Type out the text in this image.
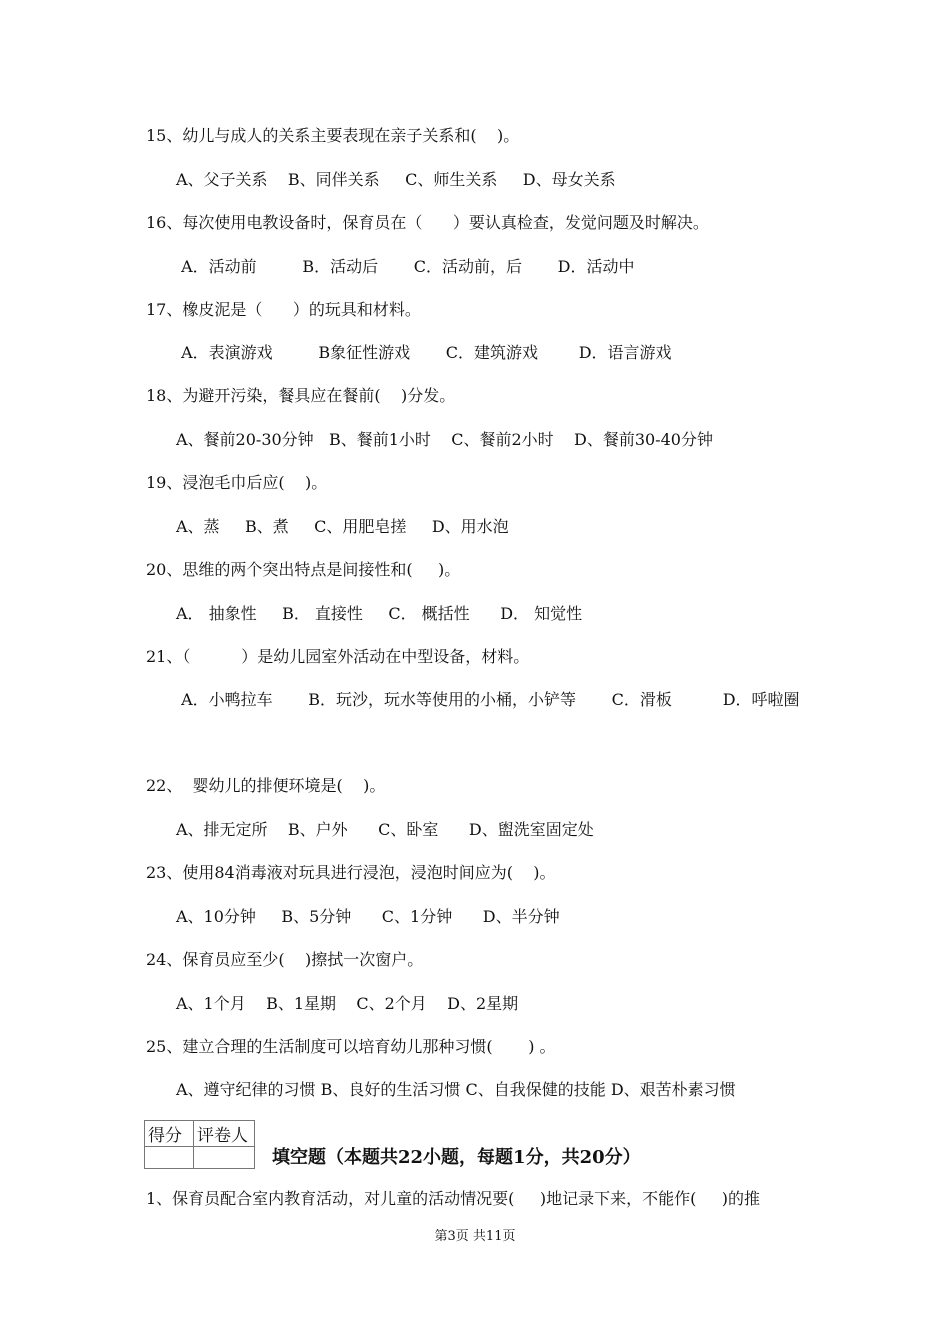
15、幼儿与成人的关系主要表现在亲子关系和(    )。
A、父子关系    B、同伴关系     C、师生关系     D、母女关系
16、每次使用电教设备时，保育员在（      ）要认真检查，发觉问题及时解决。
A．活动前         B．活动后       C．活动前，后       D．活动中
17、橡皮泥是（      ）的玩具和材料。
A．表演游戏         B象征性游戏       C．建筑游戏        D．语言游戏
18、为避开污染，餐具应在餐前(    )分发。
A、餐前20-30分钟   B、餐前1小时    C、餐前2小时    D、餐前30-40分钟
19、浸泡毛巾后应(    )。
A、蒸     B、煮     C、用肥皂搓     D、用水泡
20、思维的两个突出特点是间接性和(     )。
A． 抽象性     B． 直接性     C． 概括性      D． 知觉性
21、（          ）是幼儿园室外活动在中型设备，材料。
A．小鸭拉车       B．玩沙，玩水等使用的小桶，小铲等       C．滑板          D．呼啦圈
22、  婴幼儿的排便环境是(    )。
A、排无定所    B、户外      C、卧室      D、盥洗室固定处
23、使用84消毒液对玩具进行浸泡，浸泡时间应为(    )。
A、10分钟     B、5分钟      C、1分钟      D、半分钟
24、保育员应至少(    )擦拭一次窗户。
A、1个月    B、1星期    C、2个月    D、2星期
25、建立合理的生活制度可以培育幼儿那种习惯(       ) 。
A、遵守纪律的习惯 B、良好的生活习惯 C、自我保健的技能 D、艰苦朴素习惯
得分	评卷人

填空题（本题共22小题，每题1分，共20分）
1、保育员配合室内教育活动，对儿童的活动情况要(     )地记录下来，不能作(     )的推
第3页 共11页
